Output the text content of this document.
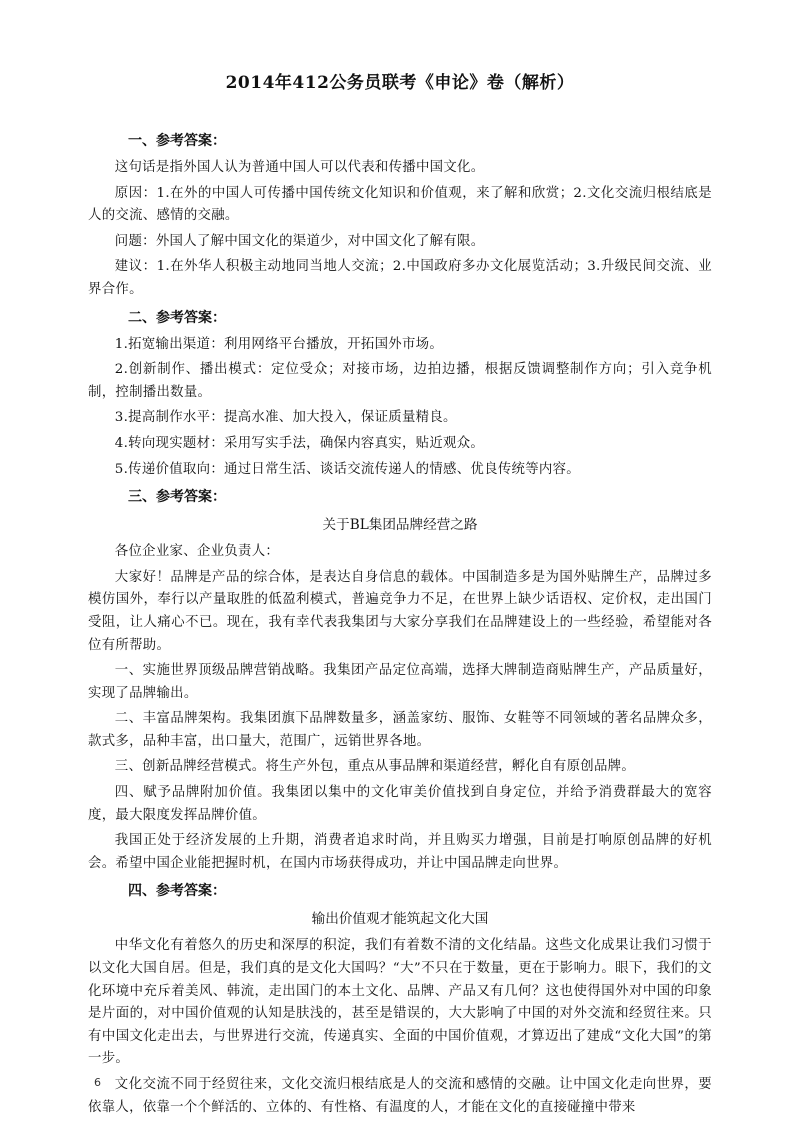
2014年412公务员联考《申论》卷（解析）
一、参考答案：

这句话是指外国人认为普通中国人可以代表和传播中国文化。

原因：1.在外的中国人可传播中国传统文化知识和价值观，来了解和欣赏；2.文化交流归根结底是人的交流、感情的交融。

问题：外国人了解中国文化的渠道少，对中国文化了解有限。

建议：1.在外华人积极主动地同当地人交流；2.中国政府多办文化展览活动；3.升级民间交流、业界合作。

二、参考答案：

1.拓宽输出渠道：利用网络平台播放，开拓国外市场。

2.创新制作、播出模式：定位受众；对接市场，边拍边播，根据反馈调整制作方向；引入竞争机制，控制播出数量。

3.提高制作水平：提高水准、加大投入，保证质量精良。

4.转向现实题材：采用写实手法，确保内容真实，贴近观众。

5.传递价值取向：通过日常生活、谈话交流传递人的情感、优良传统等内容。

三、参考答案：
关于BL集团品牌经营之路

各位企业家、企业负责人：

大家好！品牌是产品的综合体，是表达自身信息的载体。中国制造多是为国外贴牌生产，品牌过多模仿国外，奉行以产量取胜的低盈利模式，普遍竞争力不足，在世界上缺少话语权、定价权，走出国门受阻，让人痛心不已。现在，我有幸代表我集团与大家分享我们在品牌建设上的一些经验，希望能对各位有所帮助。

一、实施世界顶级品牌营销战略。我集团产品定位高端，选择大牌制造商贴牌生产，产品质量好，实现了品牌输出。

二、丰富品牌架构。我集团旗下品牌数量多，涵盖家纺、服饰、女鞋等不同领域的著名品牌众多，款式多，品种丰富，出口量大，范围广，远销世界各地。

三、创新品牌经营模式。将生产外包，重点从事品牌和渠道经营，孵化自有原创品牌。

四、赋予品牌附加价值。我集团以集中的文化审美价值找到自身定位，并给予消费群最大的宽容度，最大限度发挥品牌价值。

我国正处于经济发展的上升期，消费者追求时尚，并且购买力增强，目前是打响原创品牌的好机会。希望中国企业能把握时机，在国内市场获得成功，并让中国品牌走向世界。

四、参考答案：
输出价值观才能筑起文化大国

中华文化有着悠久的历史和深厚的积淀，我们有着数不清的文化结晶。这些文化成果让我们习惯于以文化大国自居。但是，我们真的是文化大国吗？“大”不只在于数量，更在于影响力。眼下，我们的文化环境中充斥着美风、韩流，走出国门的本土文化、品牌、产品又有几何？这也使得国外对中国的印象是片面的，对中国价值观的认知是肤浅的，甚至是错误的，大大影响了中国的对外交流和经贸往来。只有中国文化走出去，与世界进行交流，传递真实、全面的中国价值观，才算迈出了建成“文化大国”的第一步。

文化交流不同于经贸往来，文化交流归根结底是人的交流和感情的交融。让中国文化走向世界，要依靠人，依靠一个个鲜活的、立体的、有性格、有温度的人，才能在文化的直接碰撞中带来

6
